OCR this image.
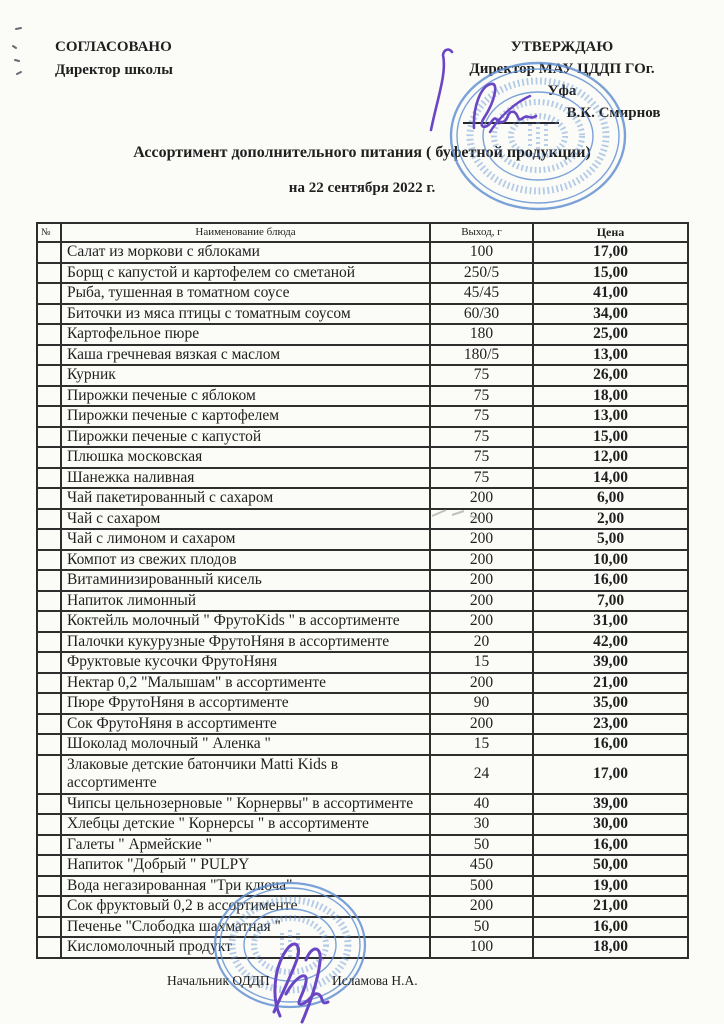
СОГЛАСОВАНО
Директор школы
УТВЕРЖДАЮ
Директор МАУ ЦДДП ГОг.
Уфа
В.К. Смирнов
Ассортимент дополнительного питания ( буфетной продукции)
на 22 сентября 2022 г.
№	Наименование блюда	Выход, г	Цена
	Салат из моркови с яблоками	100	17,00
	Борщ с капустой и картофелем со сметаной	250/5	15,00
	Рыба, тушенная в томатном соусе	45/45	41,00
	Биточки из мяса птицы с томатным соусом	60/30	34,00
	Картофельное пюре	180	25,00
	Каша гречневая вязкая с маслом	180/5	13,00
	Курник	75	26,00
	Пирожки печеные с яблоком	75	18,00
	Пирожки печеные с картофелем	75	13,00
	Пирожки печеные с капустой	75	15,00
	Плюшка московская	75	12,00
	Шанежка наливная	75	14,00
	Чай пакетированный с сахаром	200	6,00
	Чай с сахаром	200	2,00
	Чай с лимоном и сахаром	200	5,00
	Компот из свежих плодов	200	10,00
	Витаминизированный кисель	200	16,00
	Напиток лимонный	200	7,00
	Коктейль молочный " ФрутоKids " в ассортименте	200	31,00
	Палочки кукурузные ФрутоНяня в ассортименте	20	42,00
	Фруктовые кусочки ФрутоНяня	15	39,00
	Нектар 0,2 "Малышам" в ассортименте	200	21,00
	Пюре ФрутоНяня в ассортименте	90	35,00
	Сок ФрутоНяня в ассортименте	200	23,00
	Шоколад молочный " Аленка "	15	16,00
	Злаковые детские батончики Matti Kids в ассортименте	24	17,00
	Чипсы цельнозерновые " Корнервы" в ассортименте	40	39,00
	Хлебцы детские " Корнерсы " в ассортименте	30	30,00
	Галеты " Армейские "	50	16,00
	Напиток "Добрый " PULPY	450	50,00
	Вода негазированная "Три ключа"	500	19,00
	Сок фруктовый 0,2 в ассортименте	200	21,00
	Печенье "Слободка шахматная "	50	16,00
	Кисломолочный продукт	100	18,00
Начальник ОДДП	Исламова Н.А.
